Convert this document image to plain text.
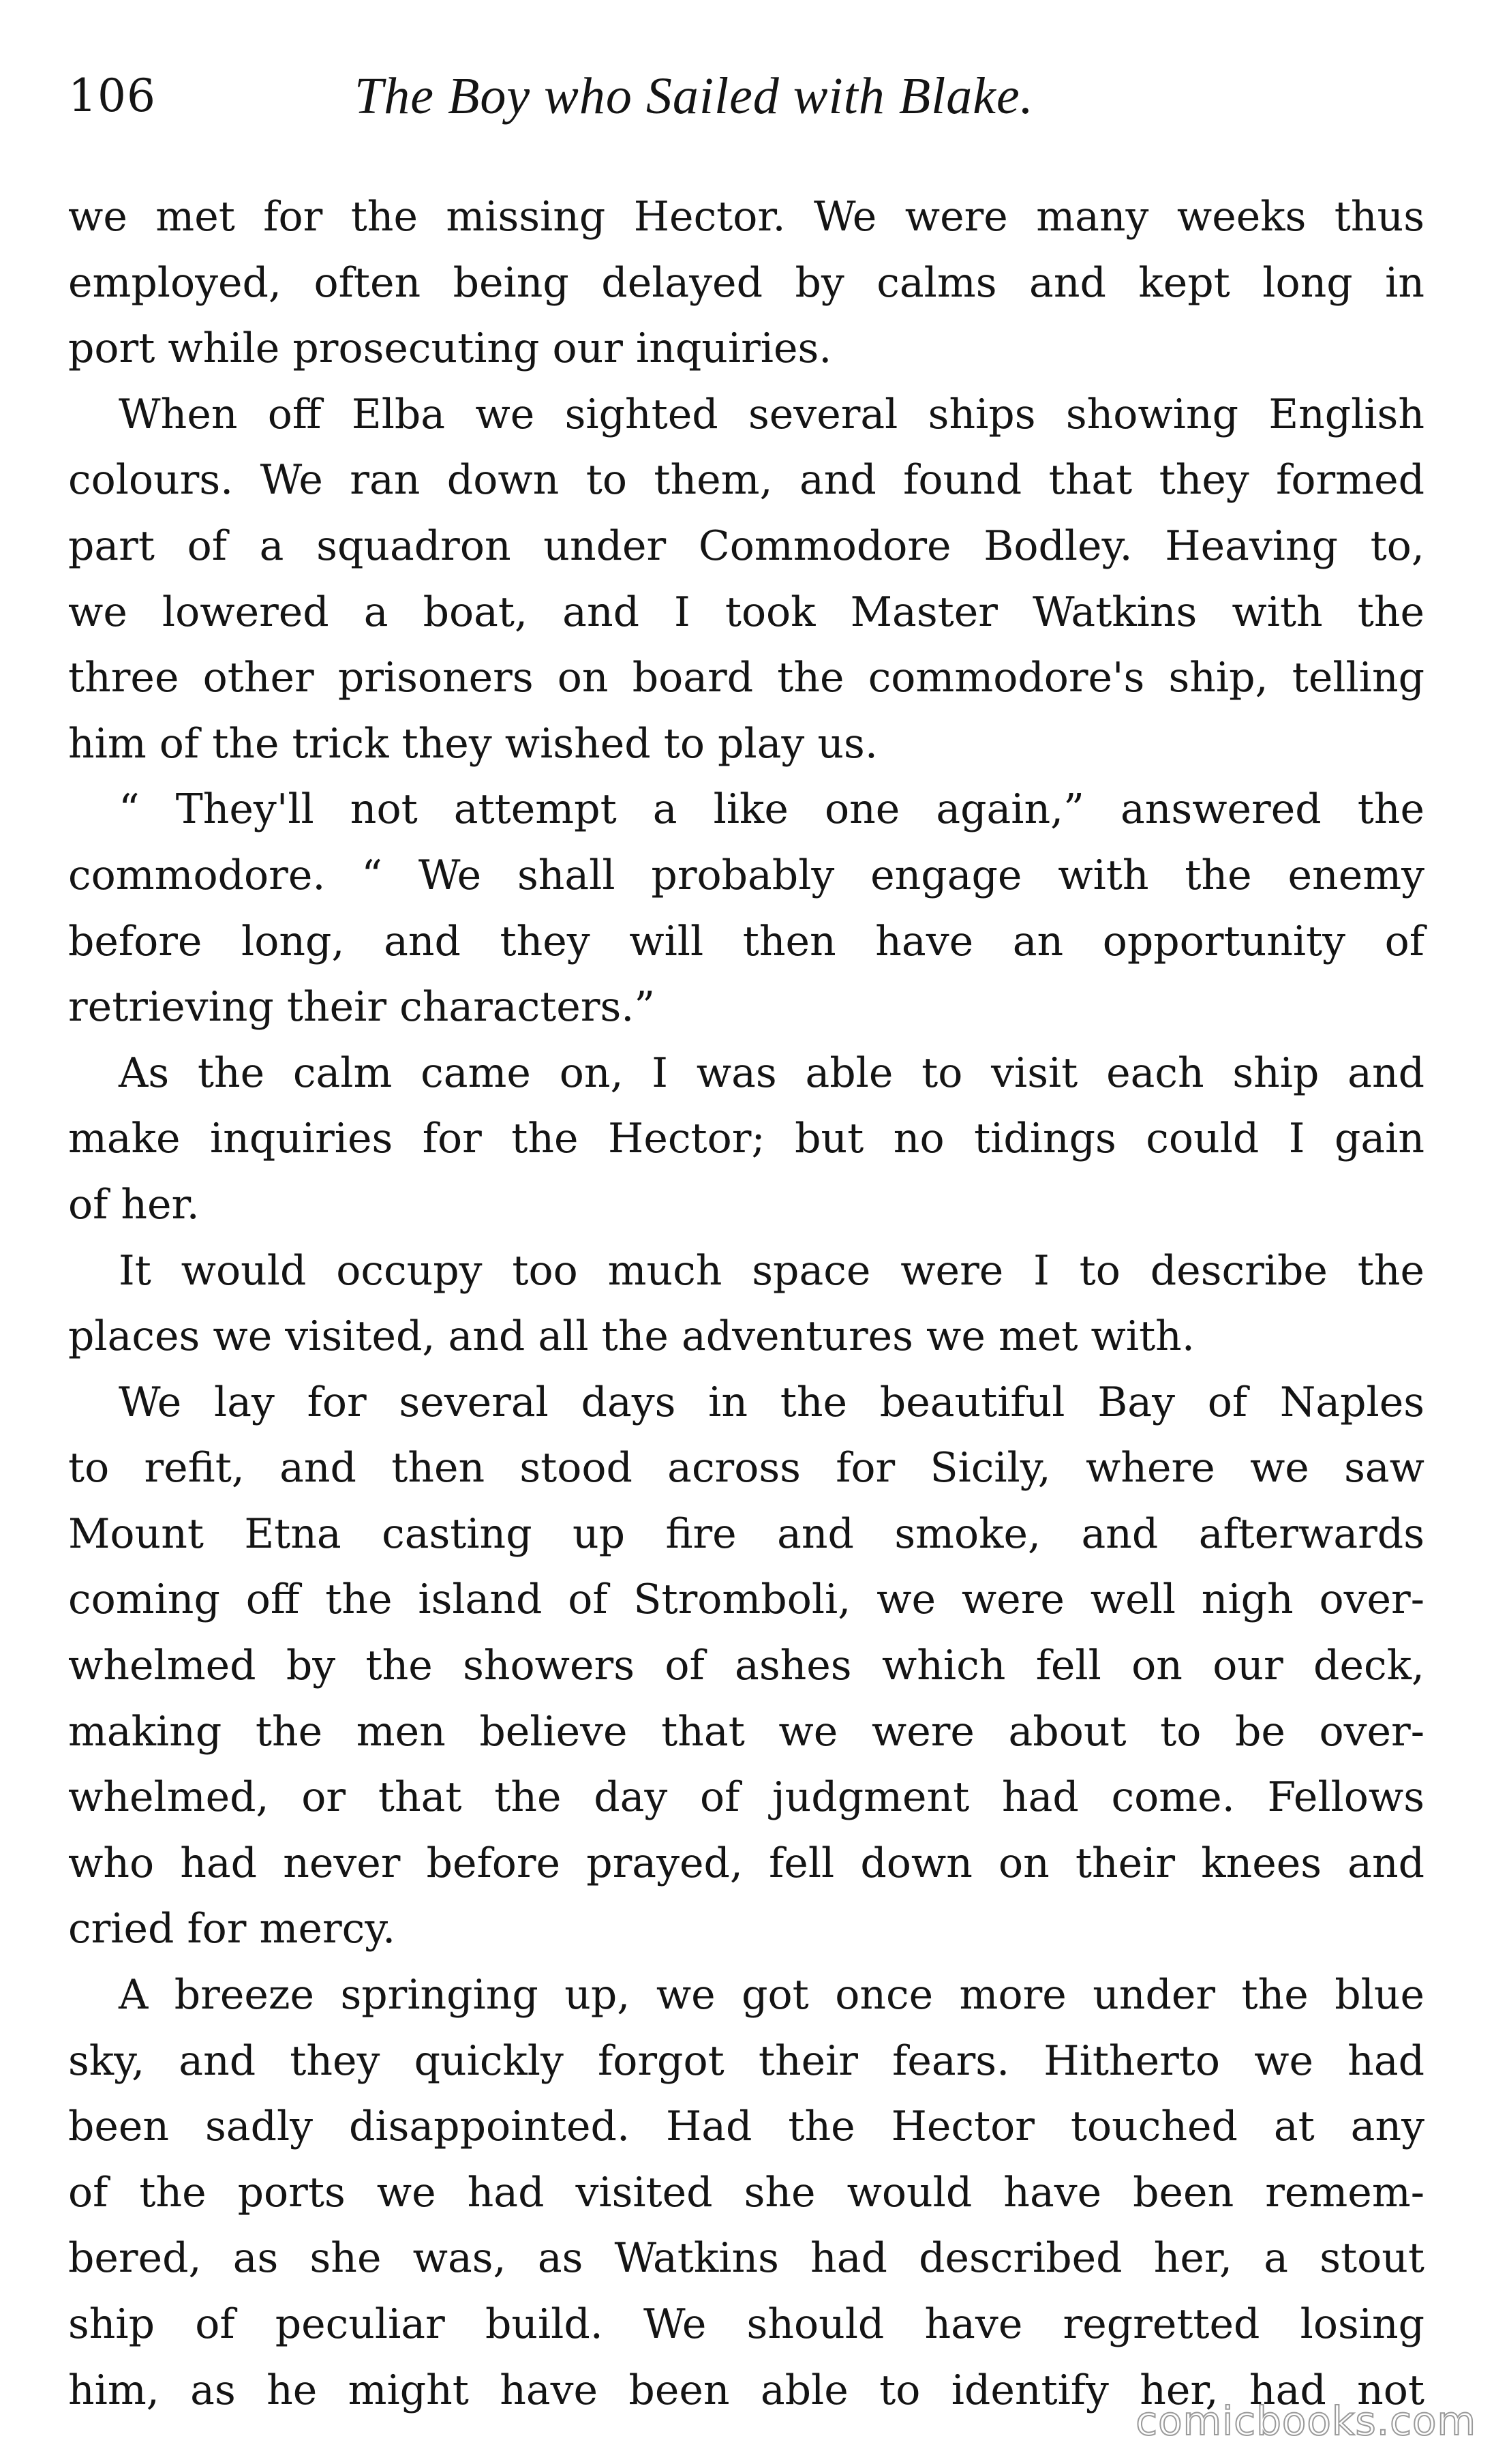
106	The Boy who Sailed with Blake.
we met for the missing Hector. We were many weeks thus
employed, often being delayed by calms and kept long in
port while prosecuting our inquiries.
When off Elba we sighted several ships showing English
colours. We ran down to them, and found that they formed
part of a squadron under Commodore Bodley. Heaving to,
we lowered a boat, and I took Master Watkins with the
three other prisoners on board the commodore's ship, telling
him of the trick they wished to play us.
“ They'll not attempt a like one again,” answered the
commodore. “ We shall probably engage with the enemy
before long, and they will then have an opportunity of
retrieving their characters.”
As the calm came on, I was able to visit each ship and
make inquiries for the Hector; but no tidings could I gain
of her.
It would occupy too much space were I to describe the
places we visited, and all the adventures we met with.
We lay for several days in the beautiful Bay of Naples
to refit, and then stood across for Sicily, where we saw
Mount Etna casting up fire and smoke, and afterwards
coming off the island of Stromboli, we were well nigh over-
whelmed by the showers of ashes which fell on our deck,
making the men believe that we were about to be over-
whelmed, or that the day of judgment had come. Fellows
who had never before prayed, fell down on their knees and
cried for mercy.
A breeze springing up, we got once more under the blue
sky, and they quickly forgot their fears. Hitherto we had
been sadly disappointed. Had the Hector touched at any
of the ports we had visited she would have been remem-
bered, as she was, as Watkins had described her, a stout
ship of peculiar build. We should have regretted losing
him, as he might have been able to identify her, had not
comicbooks.com
